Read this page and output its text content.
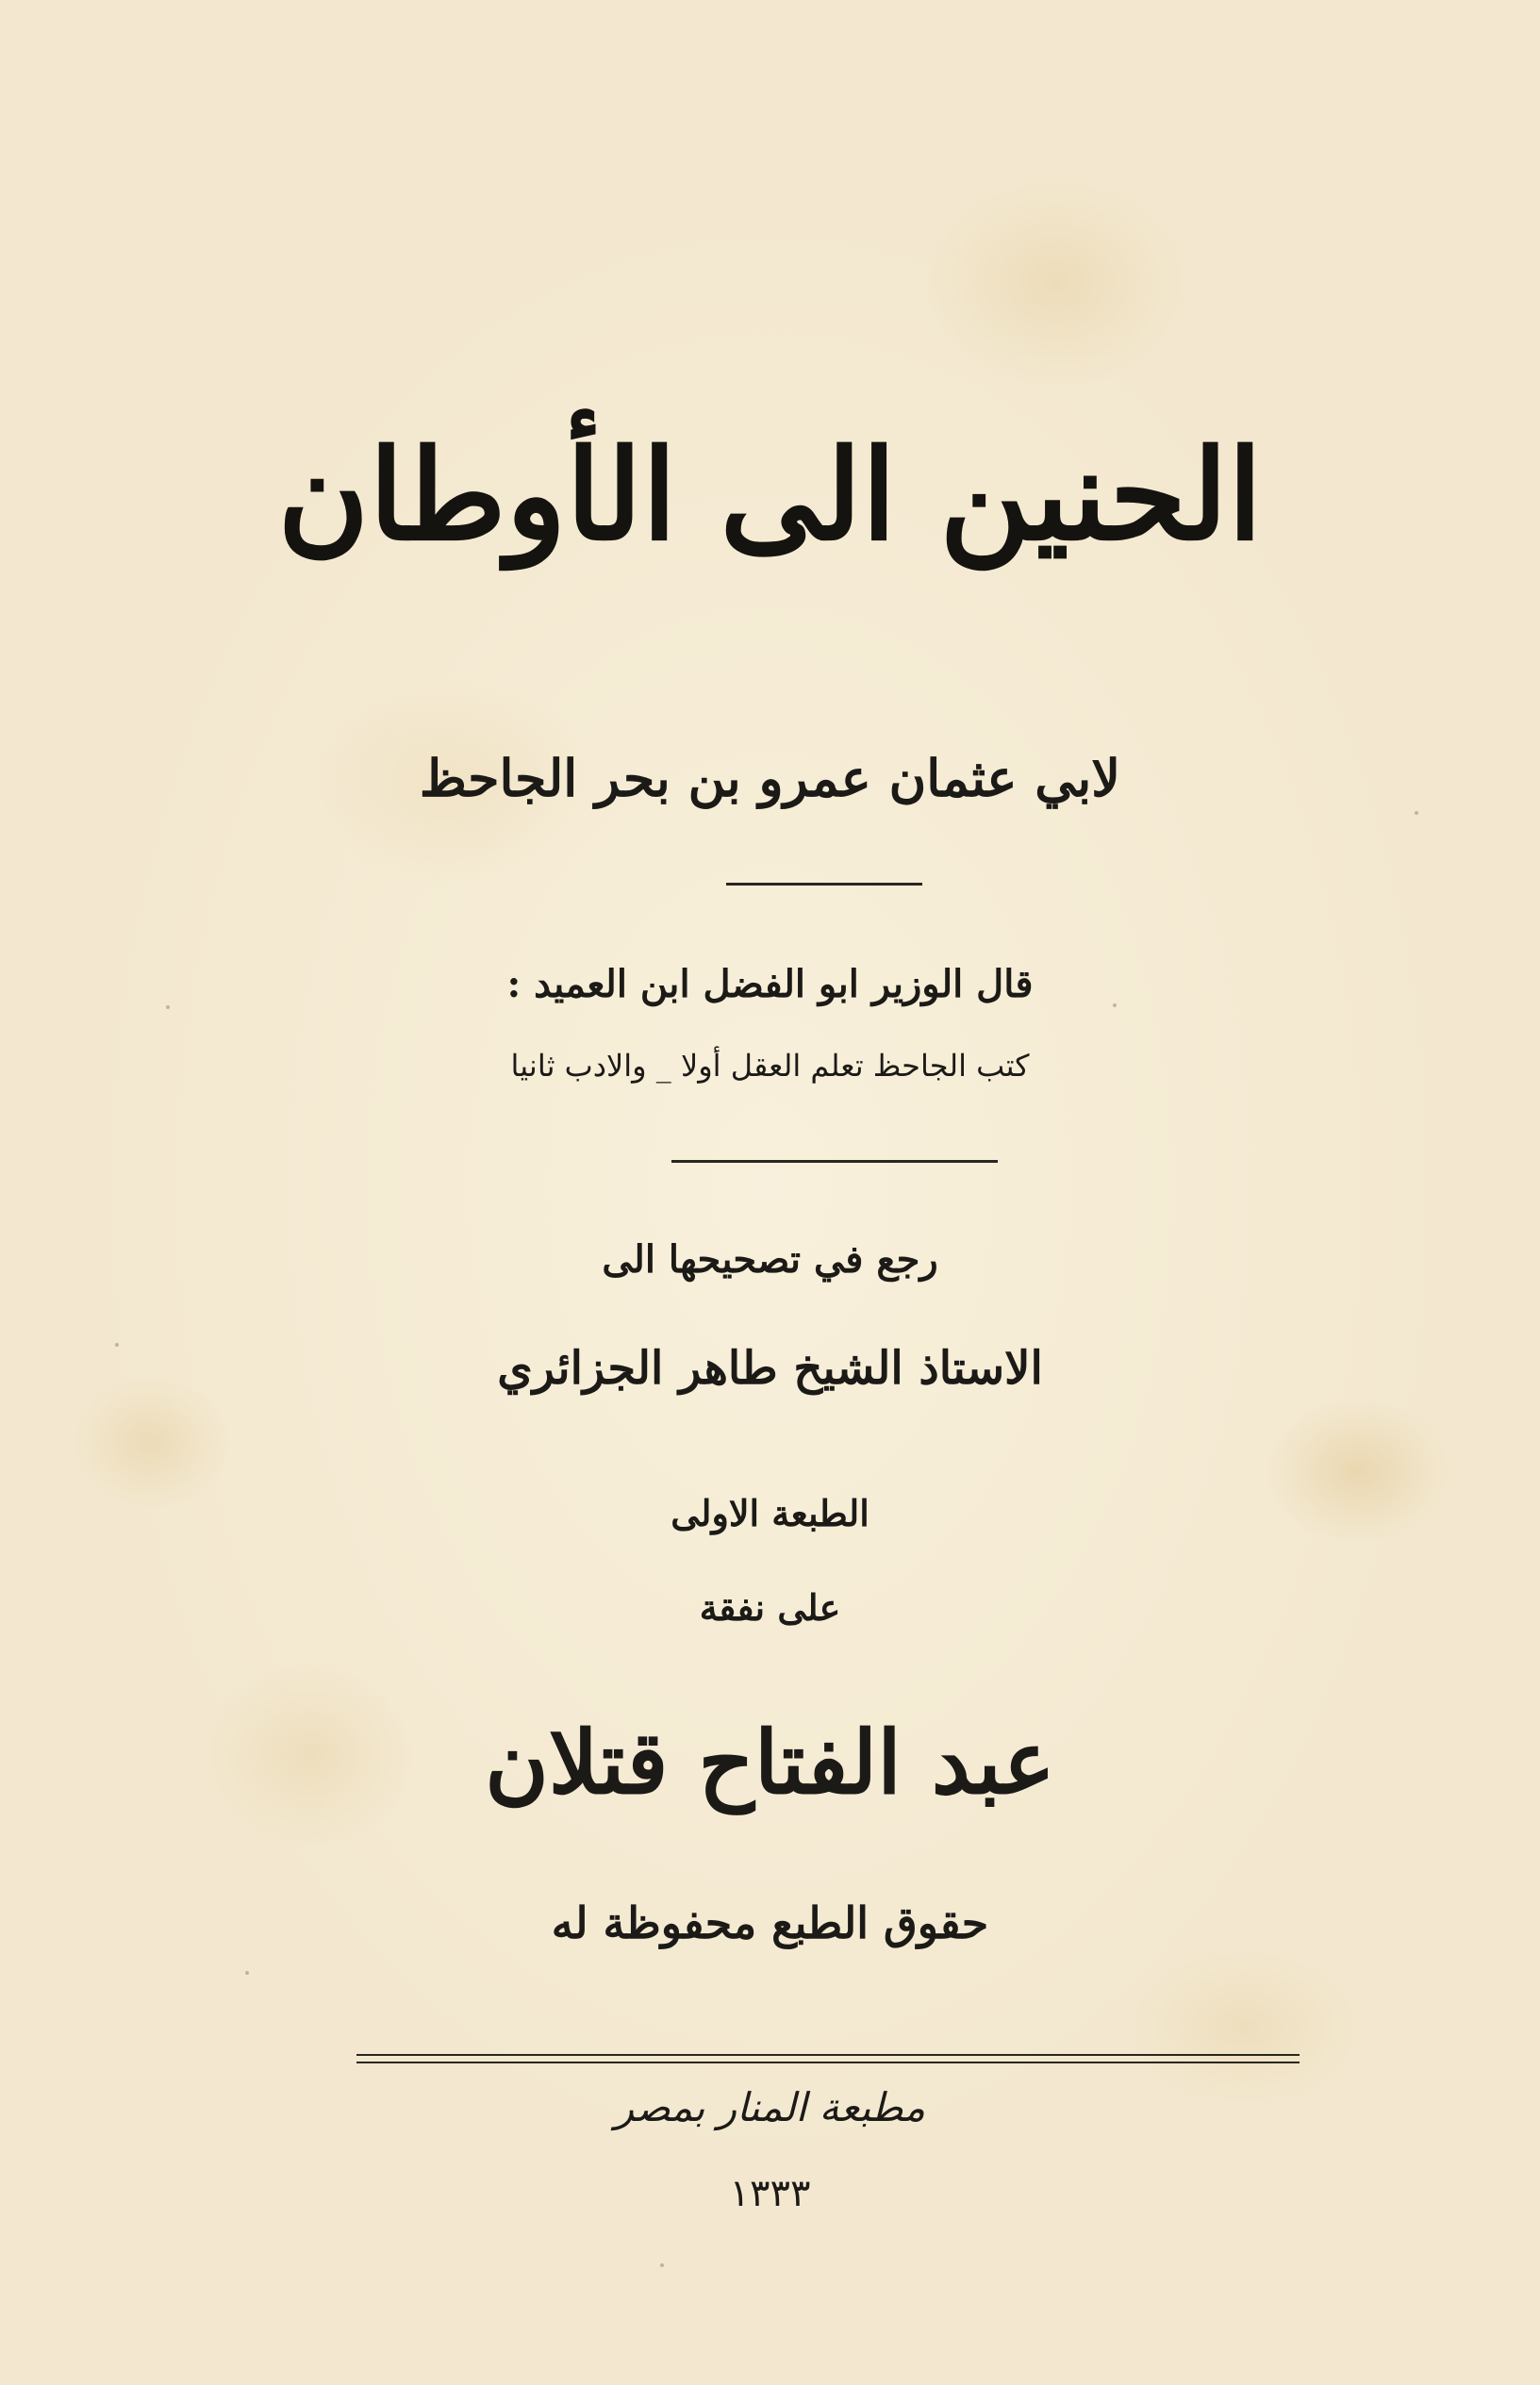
الحنين الى الأوطان

لابي عثمان عمرو بن بحر الجاحظ

قال الوزير ابو الفضل ابن العميد :

كتب الجاحظ تعلم العقل أولا _ والادب ثانيا

رجع في تصحيحها الى

الاستاذ الشيخ طاهر الجزائري

الطبعة الاولى

على نفقة

عبد الفتاح قتلان

حقوق الطبع محفوظة له

مطبعة المنار بمصر

١٣٣٣
